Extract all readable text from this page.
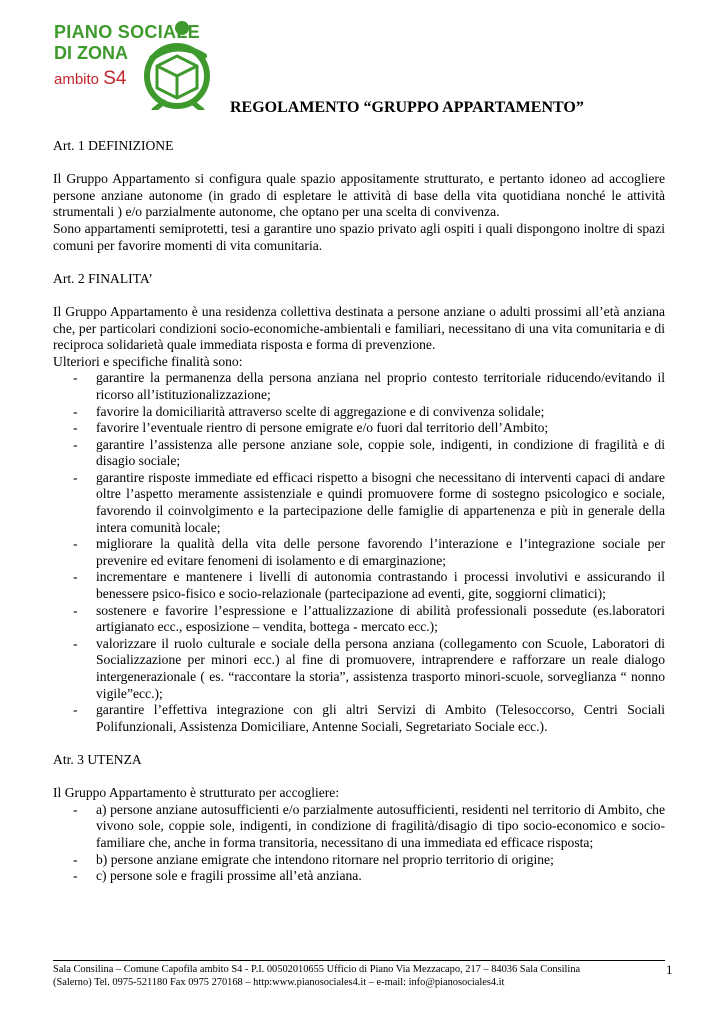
PIANO SOCIALE
DI ZONA
ambito S4
REGOLAMENTO “GRUPPO APPARTAMENTO”

Art. 1 DEFINIZIONE

Il Gruppo Appartamento si configura quale spazio appositamente strutturato, e pertanto idoneo ad accogliere persone anziane autonome (in grado di espletare le attività di base della vita quotidiana nonché le attività strumentali ) e/o parzialmente autonome, che optano per una scelta di convivenza.

Sono appartamenti semiprotetti, tesi a garantire uno spazio privato agli ospiti i quali dispongono inoltre di spazi comuni per favorire momenti di vita comunitaria.

Art. 2 FINALITA’

Il Gruppo Appartamento è una residenza collettiva destinata a persone anziane o adulti prossimi all’età anziana che, per particolari condizioni socio-economiche-ambientali e familiari, necessitano di una vita comunitaria e di reciproca solidarietà quale immediata risposta e forma di prevenzione.

Ulteriori e specifiche finalità sono:

- garantire la permanenza della persona anziana nel proprio contesto territoriale riducendo/evitando il ricorso all’istituzionalizzazione;
- favorire la domiciliarità attraverso scelte di aggregazione e di convivenza solidale;
- favorire l’eventuale rientro di persone emigrate e/o fuori dal territorio dell’Ambito;
- garantire l’assistenza alle persone anziane sole, coppie sole, indigenti, in condizione di fragilità e di disagio sociale;
- garantire risposte immediate ed efficaci rispetto a bisogni che necessitano di interventi capaci di andare oltre l’aspetto meramente assistenziale e quindi promuovere forme di sostegno psicologico e sociale, favorendo il coinvolgimento e la partecipazione delle famiglie di appartenenza e più in generale della intera comunità locale;
- migliorare la qualità della vita delle persone favorendo l’interazione e l’integrazione sociale per prevenire ed evitare fenomeni di isolamento e di emarginazione;
- incrementare e mantenere i livelli di autonomia contrastando i processi involutivi e assicurando il benessere psico-fisico e socio-relazionale (partecipazione ad eventi, gite, soggiorni climatici);
- sostenere e favorire l’espressione e l’attualizzazione di abilità professionali possedute (es.laboratori artigianato ecc., esposizione – vendita, bottega - mercato ecc.);
- valorizzare il ruolo culturale e sociale della persona anziana (collegamento con Scuole, Laboratori di Socializzazione per minori ecc.) al fine di promuovere, intraprendere e rafforzare un reale dialogo intergenerazionale ( es. “raccontare la storia”, assistenza trasporto minori-scuole, sorveglianza “ nonno vigile”ecc.);
- garantire l’effettiva integrazione con gli altri Servizi di Ambito (Telesoccorso, Centri Sociali Polifunzionali, Assistenza Domiciliare, Antenne Sociali, Segretariato Sociale ecc.).

Atr. 3 UTENZA

Il Gruppo Appartamento è strutturato per accogliere:

- a) persone anziane autosufficienti e/o parzialmente autosufficienti, residenti nel territorio di Ambito, che vivono sole, coppie sole, indigenti, in condizione di fragilità/disagio di tipo socio-economico e socio-familiare che, anche in forma transitoria, necessitano di una immediata ed efficace risposta;
- b) persone anziane emigrate che intendono ritornare nel proprio territorio di origine;
- c) persone sole e fragili prossime all’età anziana.

Sala Consilina – Comune Capofila ambito S4 - P.I. 00502010655 Ufficio di Piano Via Mezzacapo, 217 – 84036 Sala Consilina

(Salerno) Tel. 0975-521180 Fax 0975 270168 – http:www.pianosociales4.it – e-mail: info@pianosociales4.it

1
